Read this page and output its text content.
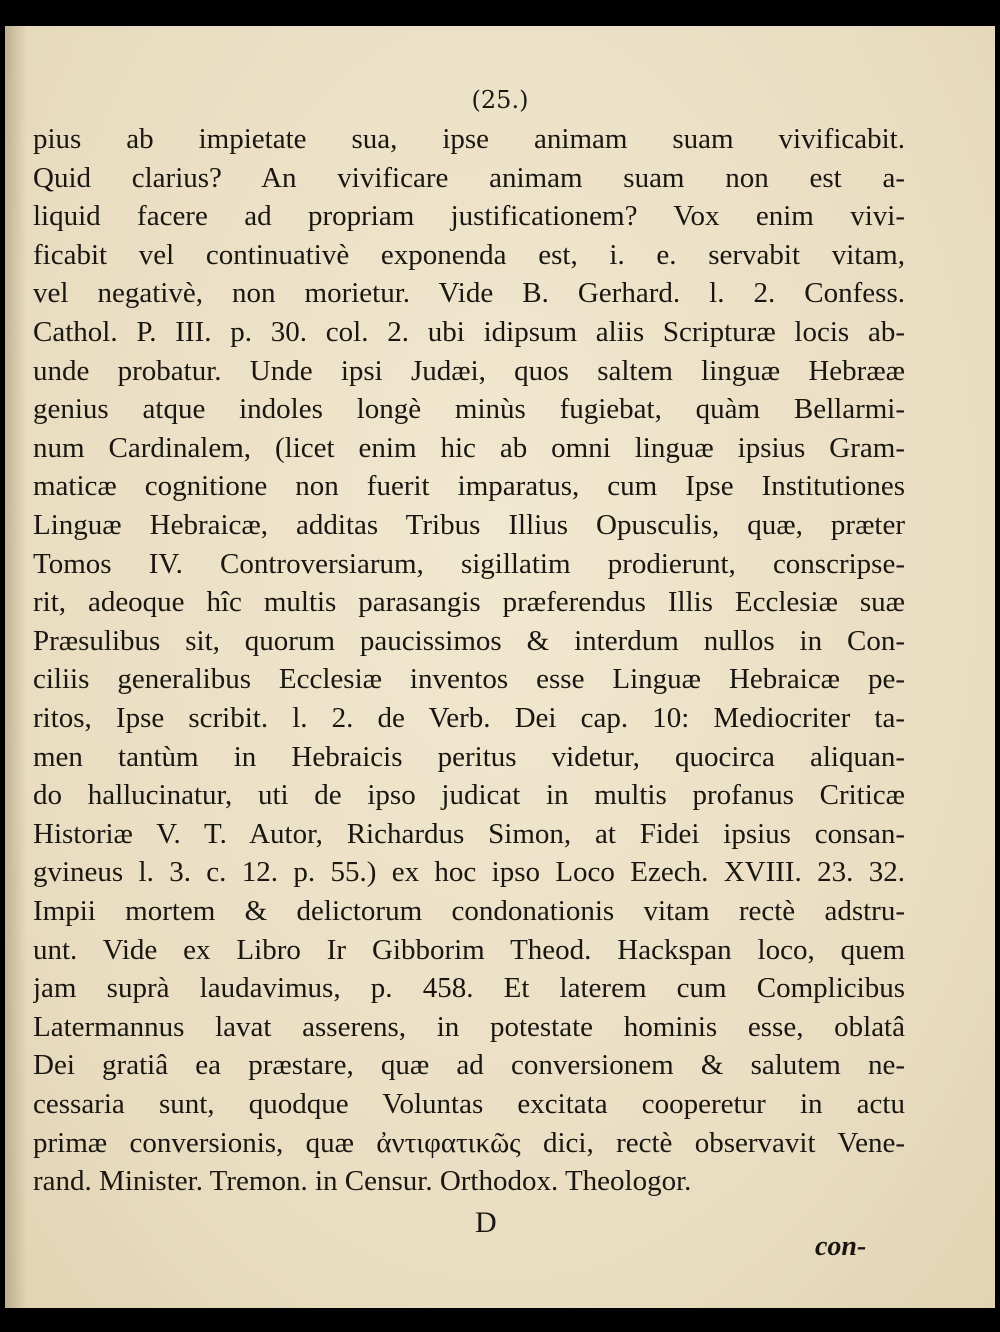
(25.)
pius ab impietate sua, ipse animam suam vivificabit.
Quid clarius? An vivificare animam suam non est a-
liquid facere ad propriam justificationem? Vox enim vivi-
ficabit vel continuativè exponenda est, i. e. servabit vitam,
vel negativè, non morietur. Vide B. Gerhard. l. 2. Confess.
Cathol. P. III. p. 30. col. 2. ubi idipsum aliis Scripturæ locis ab-
unde probatur. Unde ipsi Judæi, quos saltem linguæ Hebrææ
genius atque indoles longè minùs fugiebat, quàm Bellarmi-
num Cardinalem, (licet enim hic ab omni linguæ ipsius Gram-
maticæ cognitione non fuerit imparatus, cum Ipse Institutiones
Linguæ Hebraicæ, additas Tribus Illius Opusculis, quæ, præter
Tomos IV. Controversiarum, sigillatim prodierunt, conscripse-
rit, adeoque hîc multis parasangis præferendus Illis Ecclesiæ suæ
Præsulibus sit, quorum paucissimos & interdum nullos in Con-
ciliis generalibus Ecclesiæ inventos esse Linguæ Hebraicæ pe-
ritos, Ipse scribit. l. 2. de Verb. Dei cap. 10: Mediocriter ta-
men tantùm in Hebraicis peritus videtur, quocirca aliquan-
do hallucinatur, uti de ipso judicat in multis profanus Criticæ
Historiæ V. T. Autor, Richardus Simon, at Fidei ipsius consan-
gvineus l. 3. c. 12. p. 55.) ex hoc ipso Loco Ezech. XVIII. 23. 32.
Impii mortem & delictorum condonationis vitam rectè adstru-
unt. Vide ex Libro Ir Gibborim Theod. Hackspan loco, quem
jam suprà laudavimus, p. 458. Et laterem cum Complicibus
Latermannus lavat asserens, in potestate hominis esse, oblatâ
Dei gratiâ ea præstare, quæ ad conversionem & salutem ne-
cessaria sunt, quodque Voluntas excitata cooperetur in actu
primæ conversionis, quæ ἀντιφατικῶς dici, rectè observavit Vene-
rand. Minister. Tremon. in Censur. Orthodox. Theologor.
D
con-
